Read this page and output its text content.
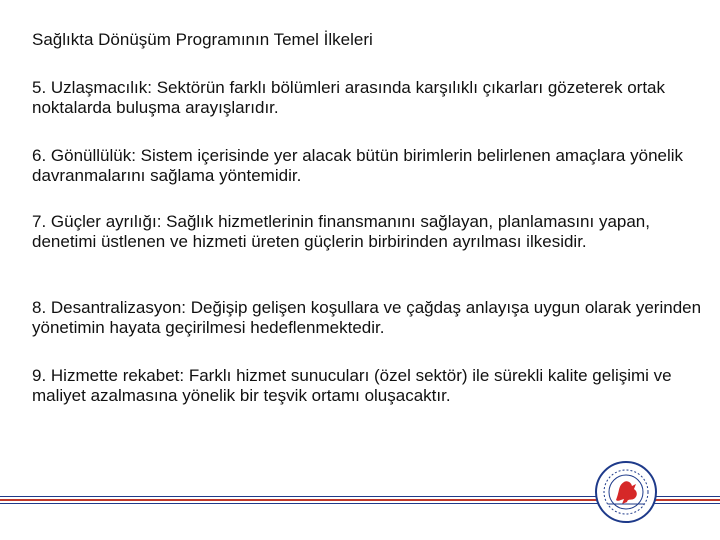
Sağlıkta Dönüşüm Programının Temel İlkeleri
5. Uzlaşmacılık: Sektörün farklı bölümleri arasında karşılıklı çıkarları gözeterek ortak noktalarda buluşma arayışlarıdır.
6. Gönüllülük: Sistem içerisinde yer alacak bütün birimlerin belirlenen amaçlara yönelik davranmalarını sağlama yöntemidir.
7. Güçler ayrılığı: Sağlık hizmetlerinin finansmanını sağlayan, planlamasını yapan, denetimi üstlenen ve hizmeti üreten güçlerin birbirinden ayrılması ilkesidir.
8. Desantralizasyon: Değişip gelişen koşullara ve çağdaş anlayışa uygun olarak yerinden yönetimin hayata geçirilmesi hedeflenmektedir.
9. Hizmette rekabet: Farklı hizmet sunucuları (özel sektör) ile sürekli kalite gelişimi ve maliyet azalmasına yönelik bir teşvik ortamı oluşacaktır.
